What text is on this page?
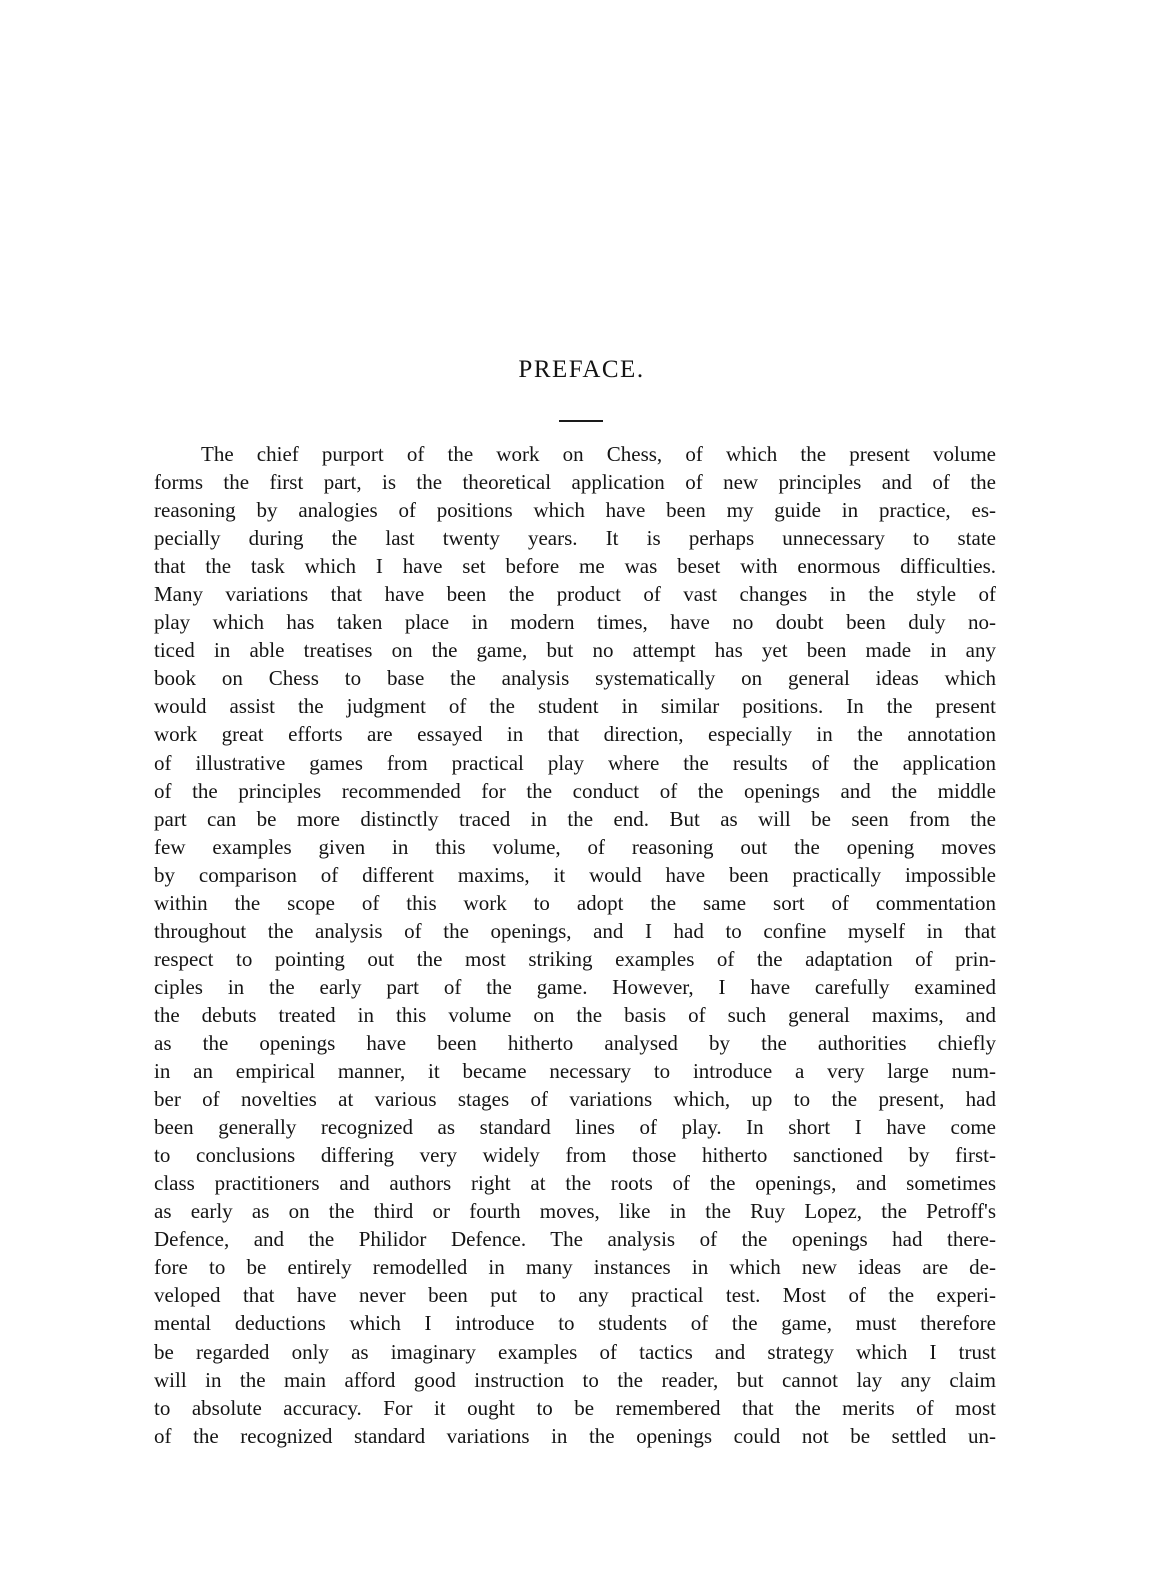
PREFACE.
The chief purport of the work on Chess, of which the present volume
forms the first part, is the theoretical application of new principles and of the
reasoning by analogies of positions which have been my guide in practice, es-
pecially during the last twenty years. It is perhaps unnecessary to state
that the task which I have set before me was beset with enormous difficulties.
Many variations that have been the product of vast changes in the style of
play which has taken place in modern times, have no doubt been duly no-
ticed in able treatises on the game, but no attempt has yet been made in any
book on Chess to base the analysis systematically on general ideas which
would assist the judgment of the student in similar positions. In the present
work great efforts are essayed in that direction, especially in the annotation
of illustrative games from practical play where the results of the application
of the principles recommended for the conduct of the openings and the middle
part can be more distinctly traced in the end. But as will be seen from the
few examples given in this volume, of reasoning out the opening moves
by comparison of different maxims, it would have been practically impossible
within the scope of this work to adopt the same sort of commentation
throughout the analysis of the openings, and I had to confine myself in that
respect to pointing out the most striking examples of the adaptation of prin-
ciples in the early part of the game. However, I have carefully examined
the debuts treated in this volume on the basis of such general maxims, and
as the openings have been hitherto analysed by the authorities chiefly
in an empirical manner, it became necessary to introduce a very large num-
ber of novelties at various stages of variations which, up to the present, had
been generally recognized as standard lines of play. In short I have come
to conclusions differing very widely from those hitherto sanctioned by first-
class practitioners and authors right at the roots of the openings, and sometimes
as early as on the third or fourth moves, like in the Ruy Lopez, the Petroff's
Defence, and the Philidor Defence. The analysis of the openings had there-
fore to be entirely remodelled in many instances in which new ideas are de-
veloped that have never been put to any practical test. Most of the experi-
mental deductions which I introduce to students of the game, must therefore
be regarded only as imaginary examples of tactics and strategy which I trust
will in the main afford good instruction to the reader, but cannot lay any claim
to absolute accuracy. For it ought to be remembered that the merits of most
of the recognized standard variations in the openings could not be settled un-
